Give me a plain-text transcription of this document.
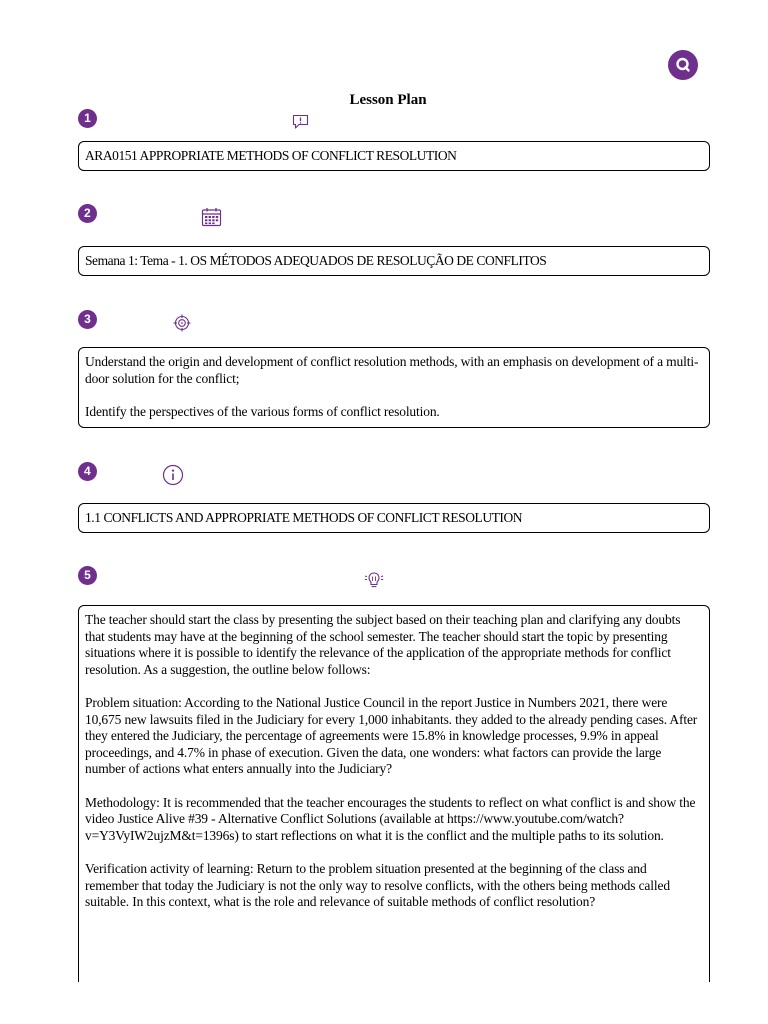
Lesson Plan
1
ARA0151 APPROPRIATE METHODS OF CONFLICT RESOLUTION
2
Semana 1: Tema - 1. OS MÉTODOS ADEQUADOS DE RESOLUÇÃO DE CONFLITOS
3

Understand the origin and development of conflict resolution methods, with an emphasis on development of a multi-door solution for the conflict;

Identify the perspectives of the various forms of conflict resolution.

4
1.1 CONFLICTS AND APPROPRIATE METHODS OF CONFLICT RESOLUTION
5

The teacher should start the class by presenting the subject based on their teaching plan and clarifying any doubts that students may have at the beginning of the school semester. The teacher should start the topic by presenting situations where it is possible to identify the relevance of the application of the appropriate methods for conflict resolution. As a suggestion, the outline below follows:

Problem situation: According to the National Justice Council in the report Justice in Numbers 2021, there were 10,675 new lawsuits filed in the Judiciary for every 1,000 inhabitants. they added to the already pending cases. After they entered the Judiciary, the percentage of agreements were 15.8% in knowledge processes, 9.9% in appeal proceedings, and 4.7% in phase of execution. Given the data, one wonders: what factors can provide the large number of actions what enters annually into the Judiciary?

Methodology: It is recommended that the teacher encourages the students to reflect on what conflict is and show the video Justice Alive #39 - Alternative Conflict Solutions (available at https://www.youtube.com/watch?v=Y3VyIW2ujzM&t=1396s) to start reflections on what it is the conflict and the multiple paths to its solution.

Verification activity of learning: Return to the problem situation presented at the beginning of the class and remember that today the Judiciary is not the only way to resolve conflicts, with the others being methods called suitable. In this context, what is the role and relevance of suitable methods of conflict resolution?
